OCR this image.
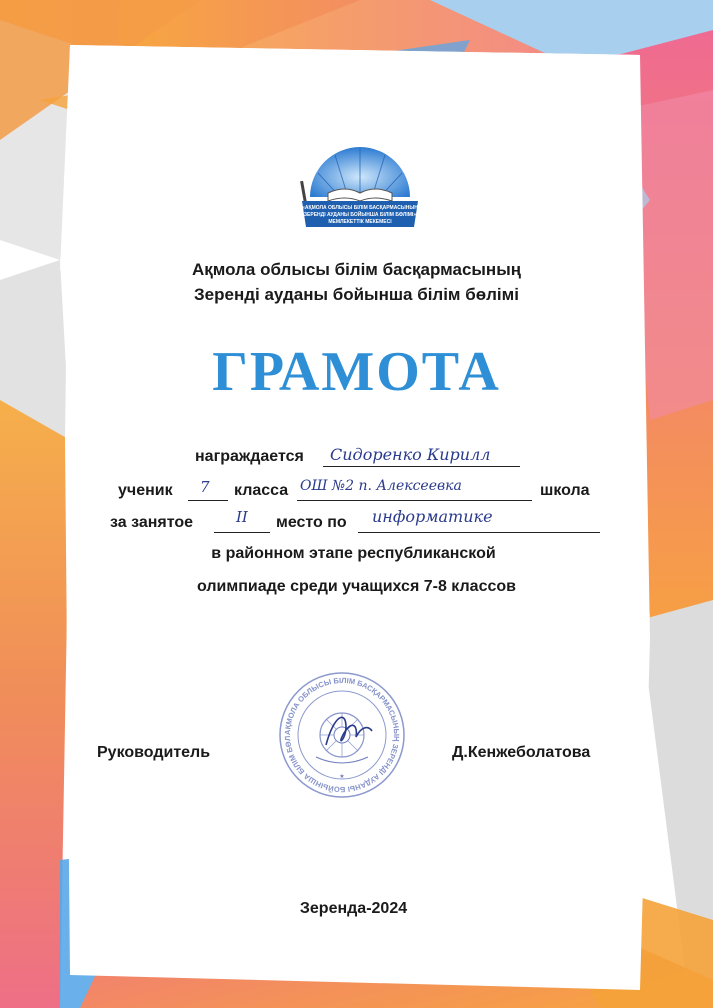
«АҚМОЛА ОБЛЫСЫ БІЛІМ БАСҚАРМАСЫНЫҢ
ЗЕРЕНДІ АУДАНЫ БОЙЫНША БІЛІМ БӨЛІМІ»
МЕМЛЕКЕТТІК МЕКЕМЕСІ
Ақмола облысы білім басқармасының
Зеренді ауданы бойынша білім бөлімі
ГРАМОТА
награждается Сидоренко Кирилл
ученик 7 класса ОШ №2 п. Алексеевка	школа
за занятое	II место по информатике
в районном этапе республиканской
олимпиаде среди учащихся 7-8 классов
АҚМОЛА ОБЛЫСЫ БІЛІМ БАСҚАРМАСЫНЫҢ ЗЕРЕНДІ АУДАНЫ БОЙЫНША БІЛІМ БӨЛ
★
Руководитель	Д.Кенжеболатова
Зеренда-2024
